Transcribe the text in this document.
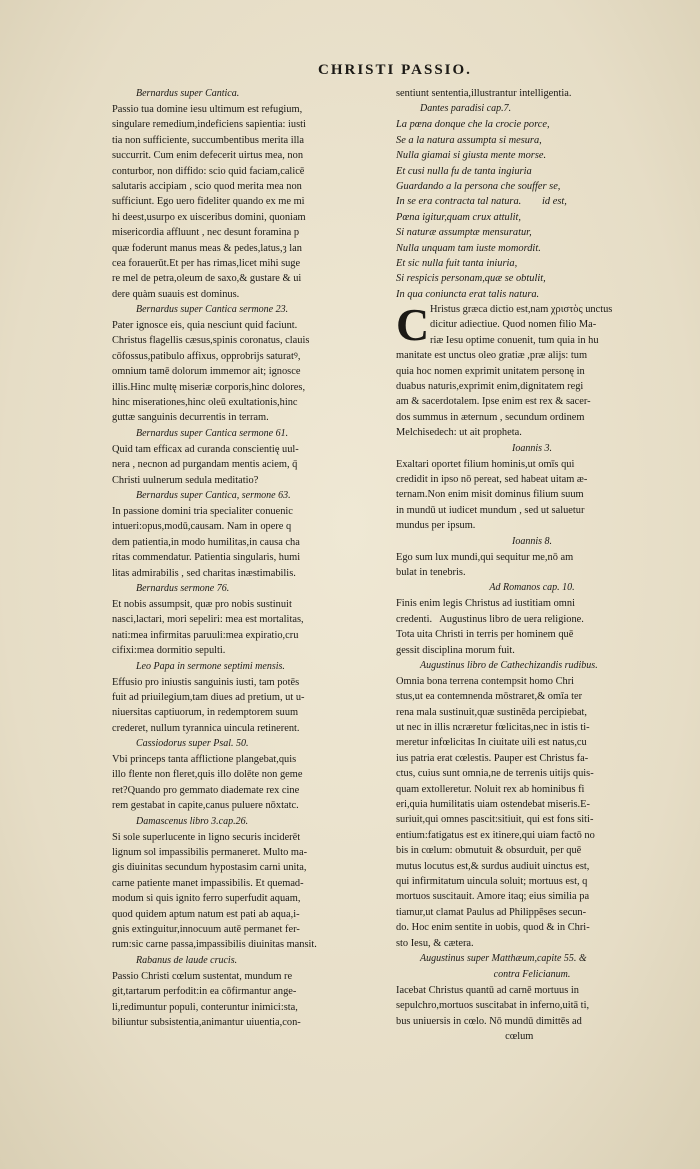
CHRISTI PASSIO.
Bernardus super Cantica.
Passio tua domine iesu ultimum est refugium,
singulare remedium,indeficiens sapientia: iusti
tia non sufficiente, succumbentibus merita illa
succurrit. Cum enim defecerit uirtus mea, non
conturbor, non diffido: scio quid faciam,calicē
salutaris accipiam , scio quod merita mea non
sufficiunt. Ego uero fideliter quando ex me mi
hi deest,usurpo ex uisceribus domini, quoniam
misericordia affluunt , nec desunt foramina p
quæ foderunt manus meas & pedes,latus,ȝ lan
cea forauerūt.Et per has rimas,licet mihi suge
re mel de petra,oleum de saxo,& gustare & ui
dere quàm suauis est dominus.
Bernardus super Cantica sermone 23.
Pater ignosce eis, quia nesciunt quid faciunt.
Christus flagellis cæsus,spinis coronatus, clauis
cōfossus,patibulo affixus, opprobrijs saturatꝰ,
omnium tamē dolorum immemor ait; ignosce
illis.Hinc multę miseriæ corporis,hinc dolores,
hinc miserationes,hinc oleū exultationis,hinc
guttæ sanguinis decurrentis in terram.
Bernardus super Cantica sermone 61.
Quid tam efficax ad curanda conscientię uul-
nera , necnon ad purgandam mentis aciem, q̄
Christi uulnerum sedula meditatio?
Bernardus super Cantica, sermone 63.
In passione domini tria specialiter conuenic
intueri:opus,modū,causam. Nam in opere q
dem patientia,in modo humilitas,in causa cha
ritas commendatur. Patientia singularis, humi
litas admirabilis , sed charitas inæstimabilis.
Bernardus sermone 76.
Et nobis assumpsit, quæ pro nobis sustinuit
nasci,lactari, mori sepeliri: mea est mortalitas,
nati:mea infirmitas paruuli:mea expiratio,cru
cifixi:mea dormitio sepulti.
Leo Papa in sermone septimi mensis.
Effusio pro iniustis sanguinis iusti, tam potēs
fuit ad priuilegium,tam diues ad pretium, ut u-
niuersitas captiuorum, in redemptorem suum
crederet, nullum tyrannica uincula retinerent.
Cassiodorus super Psal. 50.
Vbi princeps tanta afflictione plangebat,quis
illo flente non fleret,quis illo dolēte non geme
ret?Quando pro gemmato diademate rex cine
rem gestabat in capite,canus puluere nōxtatc.
Damascenus libro 3.cap.26.
Si sole superlucente in ligno securis inciderēt
lignum sol impassibilis permaneret. Multo ma-
gis diuinitas secundum hypostasim carni unita,
carne patiente manet impassibilis. Et quemad-
modum si quis ignito ferro superfudit aquam,
quod quidem aptum natum est pati ab aqua,i-
gnis extinguitur,innocuum autē permanet fer-
rum:sic carne passa,impassibilis diuinitas mansit.
Rabanus de laude crucis.
Passio Christi cœlum sustentat, mundum re
git,tartarum perfodit:in ea cōfirmantur ange-
li,redimuntur populi, conteruntur inimici:sta,
biliuntur subsistentia,animantur uiuentia,con-
sentiunt sententia,illustrantur intelligentia.
Dantes paradisi cap.7.
La pœna donque che la crocie porce,
Se a la natura assumpta si mesura,
Nulla giamai si giusta mente morse.
Et cusi nulla fu de tanta ingiuria
Guardando a la persona che souffer se,
In se era contracta tal natura.        id est,
Pœna igitur,quam crux attulit,
Si naturæ assumptæ mensuratur,
Nulla unquam tam iuste momordit.
Et sic nulla fuit tanta iniuria,
Si respicis personam,quæ se obtulit,
In qua coniuncta erat talis natura.
C Hristus græca dictio est,nam χριστὸς unctus
dicitur adiectiue. Quod nomen filio Ma-
riæ Iesu optime conuenit, tum quia in hu
manitate est unctus oleo gratiæ ,præ alijs: tum
quia hoc nomen exprimit unitatem personę in
duabus naturis,exprimit enim,dignitatem regi
am & sacerdotalem. Ipse enim est rex & sacer-
dos summus in æternum , secundum ordinem
Melchisedech: ut ait propheta.
Ioannis 3.
Exaltari oportet filium hominis,ut omīs qui
credidit in ipso nō pereat, sed habeat uitam æ-
ternam.Non enim misit dominus filium suum
in mundū ut iudicet mundum , sed ut saluetur
mundus per ipsum.
Ioannis 8.
Ego sum lux mundi,qui sequitur me,nō am
bulat in tenebris.
Ad Romanos cap. 10.
Finis enim legis Christus ad iustitiam omni
credenti.   Augustinus libro de uera religione.
Tota uita Christi in terris per hominem quē
gessit disciplina morum fuit.
Augustinus libro de Cathechizandis rudibus.
Omnia bona terrena contempsit homo Chri
stus,ut ea contemnenda mōstraret,& omīa ter
rena mala sustinuit,quæ sustinēda percipiebat,
ut nec in illis ncræretur fœlicitas,nec in istis ti-
meretur infœlicitas In ciuitate uili est natus,cu
ius patria erat cœlestis. Pauper est Christus fa-
ctus, cuius sunt omnia,ne de terrenis uitijs quis-
quam extolleretur. Noluit rex ab hominibus fi
eri,quia humilitatis uiam ostendebat miseris.E-
suriuit,qui omnes pascit:sitiuit, qui est fons siti-
entium:fatigatus est ex itinere,qui uiam factō no
bis in cœlum: obmutuit & obsurduit, per quē
mutus locutus est,& surdus audiuit uinctus est,
qui infirmitatum uincula soluit; mortuus est, q
mortuos suscitauit. Amore itaq; eius similia pa
tiamur,ut clamat Paulus ad Philippēses secun-
do. Hoc enim sentite in uobis, quod & in Chri-
sto Iesu, & cætera.
Augustinus super Matthæum,capite 55. &
contra Felicianum.
Iacebat Christus quantū ad carnē mortuus in
sepulchro,mortuos suscitabat in inferno,uitā ti,
bus uniuersis in cœlo. Nō mundū dimittēs ad
cœlum
